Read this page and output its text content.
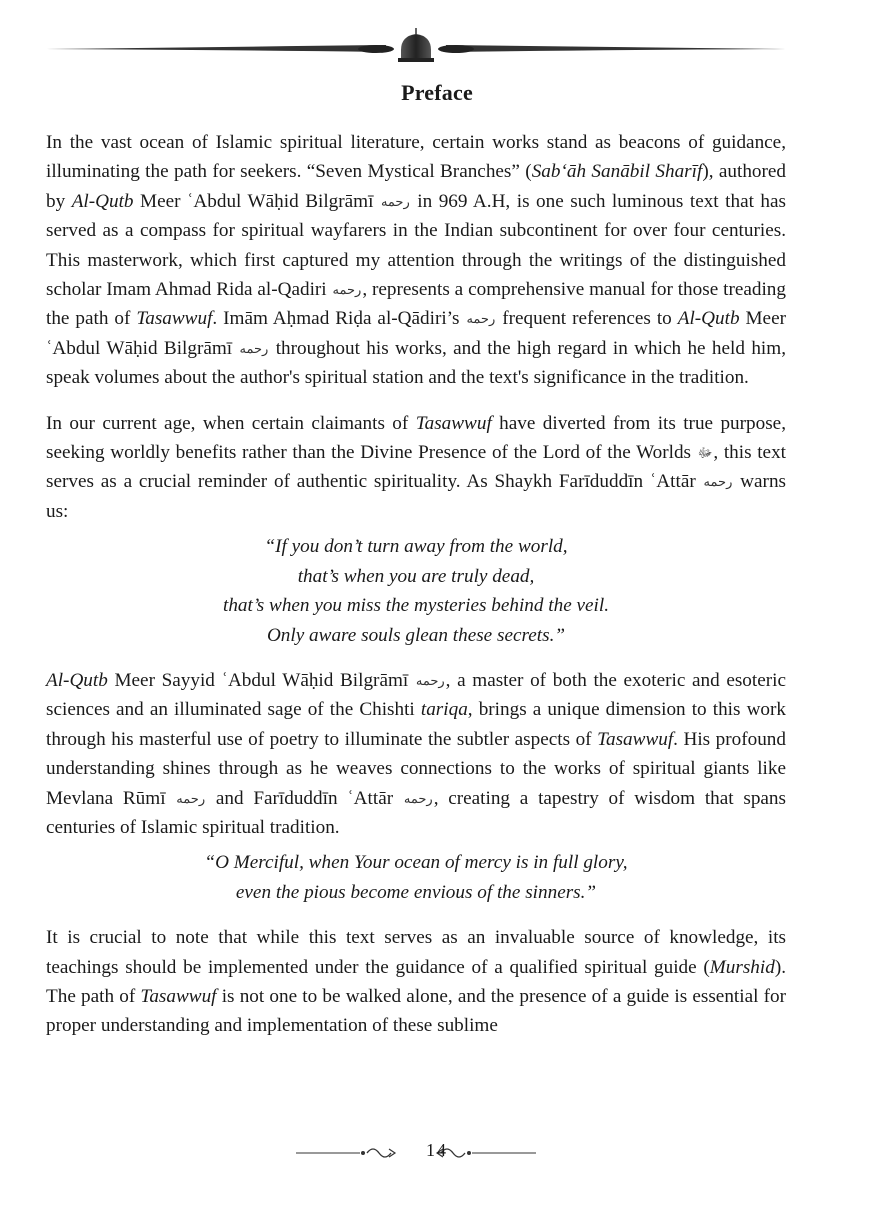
Preface

In the vast ocean of Islamic spiritual literature, certain works stand as beacons of guidance, illuminating the path for seekers. “Seven Mystical Branches” (Sab‘āh Sanābil Sharīf), authored by Al-Qutb Meer ʿAbdul Wāḥid Bilgrāmī رحمه in 969 A.H, is one such luminous text that has served as a compass for spiritual wayfarers in the Indian subcontinent for over four centuries. This masterwork, which first captured my attention through the writings of the distinguished scholar Imam Ahmad Rida al-Qadiri رحمه, represents a comprehensive manual for those treading the path of Tasawwuf. Imām Aḥmad Riḍa al-Qādiri’s رحمه frequent references to Al-Qutb Meer ʿAbdul Wāḥid Bilgrāmī رحمه throughout his works, and the high regard in which he held him, speak volumes about the author's spiritual station and the text's significance in the tradition.

In our current age, when certain claimants of Tasawwuf have diverted from its true purpose, seeking worldly benefits rather than the Divine Presence of the Lord of the Worlds ﷻ, this text serves as a crucial reminder of authentic spirituality. As Shaykh Farīduddīn ʿAttār رحمه warns us:

“If you don’t turn away from the world,
that’s when you are truly dead,
that’s when you miss the mysteries behind the veil.
Only aware souls glean these secrets.”

Al-Qutb Meer Sayyid ʿAbdul Wāḥid Bilgrāmī رحمه, a master of both the exoteric and esoteric sciences and an illuminated sage of the Chishti tariqa, brings a unique dimension to this work through his masterful use of poetry to illuminate the subtler aspects of Tasawwuf. His profound understanding shines through as he weaves connections to the works of spiritual giants like Mevlana Rūmī رحمه and Farīduddīn ʿAttār رحمه, creating a tapestry of wisdom that spans centuries of Islamic spiritual tradition.

“O Merciful, when Your ocean of mercy is in full glory,
even the pious become envious of the sinners.”

It is crucial to note that while this text serves as an invaluable source of knowledge, its teachings should be implemented under the guidance of a qualified spiritual guide (Murshid). The path of Tasawwuf is not one to be walked alone, and the presence of a guide is essential for proper understanding and implementation of these sublime

14
